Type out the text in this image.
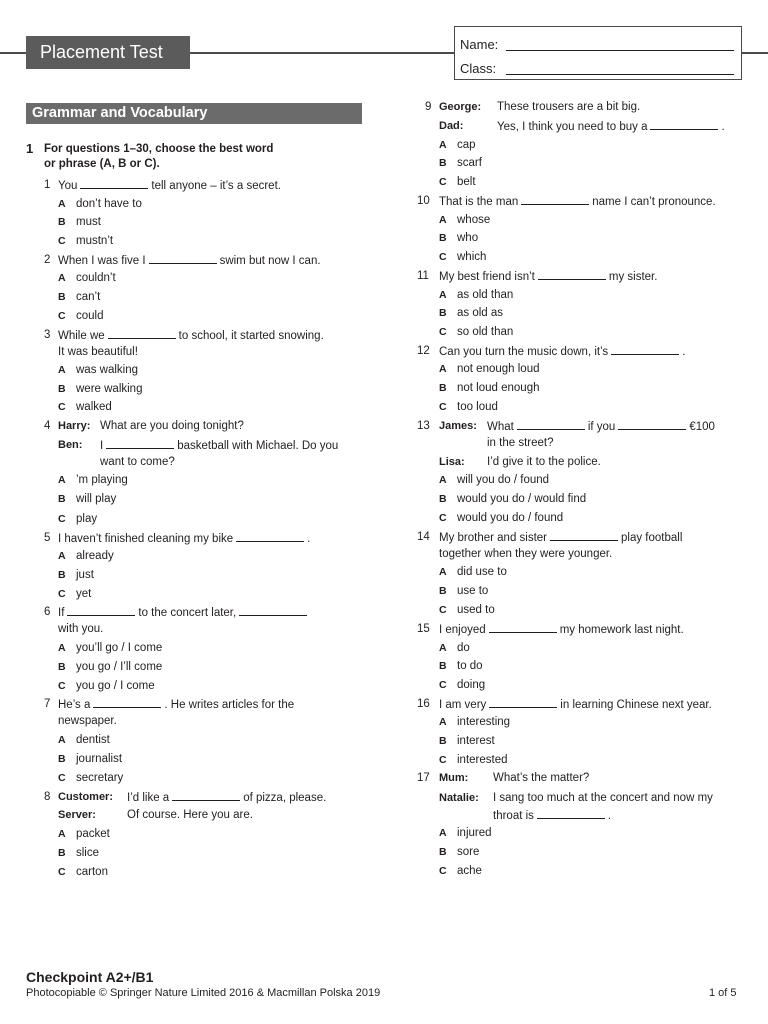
Placement Test	Name:
Class:
Grammar and Vocabulary
1 For questions 1–30, choose the best word
or phrase (A, B or C).
1 You	tell anyone – it’s a secret.
A don’t have to
B must
C mustn’t
2 When I was five I	swim but now I can.
A couldn’t
B can’t
C could
3 While we	to school, it started snowing.
It was beautiful!
A was walking
B were walking
C walked
4 Harry: What are you doing tonight?
Ben: I	basketball with Michael. Do you
want to come?
A ’m playing
B will play
C play
5 I haven’t finished cleaning my bike	.
A already
B just
C yet
6 If	to the concert later,
with you.
A you’ll go / I come
B you go / I’ll come
C you go / I come
7 He’s a	. He writes articles for the
newspaper.
A dentist
B journalist
C secretary
8 Customer: I’d like a	of pizza, please.
Server:	Of course. Here you are.
A packet
B slice
C carton
9 George: These trousers are a bit big.
Dad:	Yes, I think you need to buy a	.
A cap
B scarf
C belt
10 That is the man	name I can’t pronounce.
A whose
B who
C which
11 My best friend isn’t	my sister.
A as old than
B as old as
C so old than
12 Can you turn the music down, it’s	.
A not enough loud
B not loud enough
C too loud
13 James: What	if you	€100
in the street?
Lisa: I’d give it to the police.
A will you do / found
B would you do / would find
C would you do / found
14 My brother and sister	play football
together when they were younger.
A did use to
B use to
C used to
15 I enjoyed	my homework last night.
A do
B to do
C doing
16 I am very	in learning Chinese next year.
A interesting
B interest
C interested
17 Mum: What’s the matter?
Natalie: I sang too much at the concert and now my
throat is	.
A injured
B sore
C ache
Checkpoint A2+/B1
Photocopiable © Springer Nature Limited 2016 & Macmillan Polska 2019	1 of 5
